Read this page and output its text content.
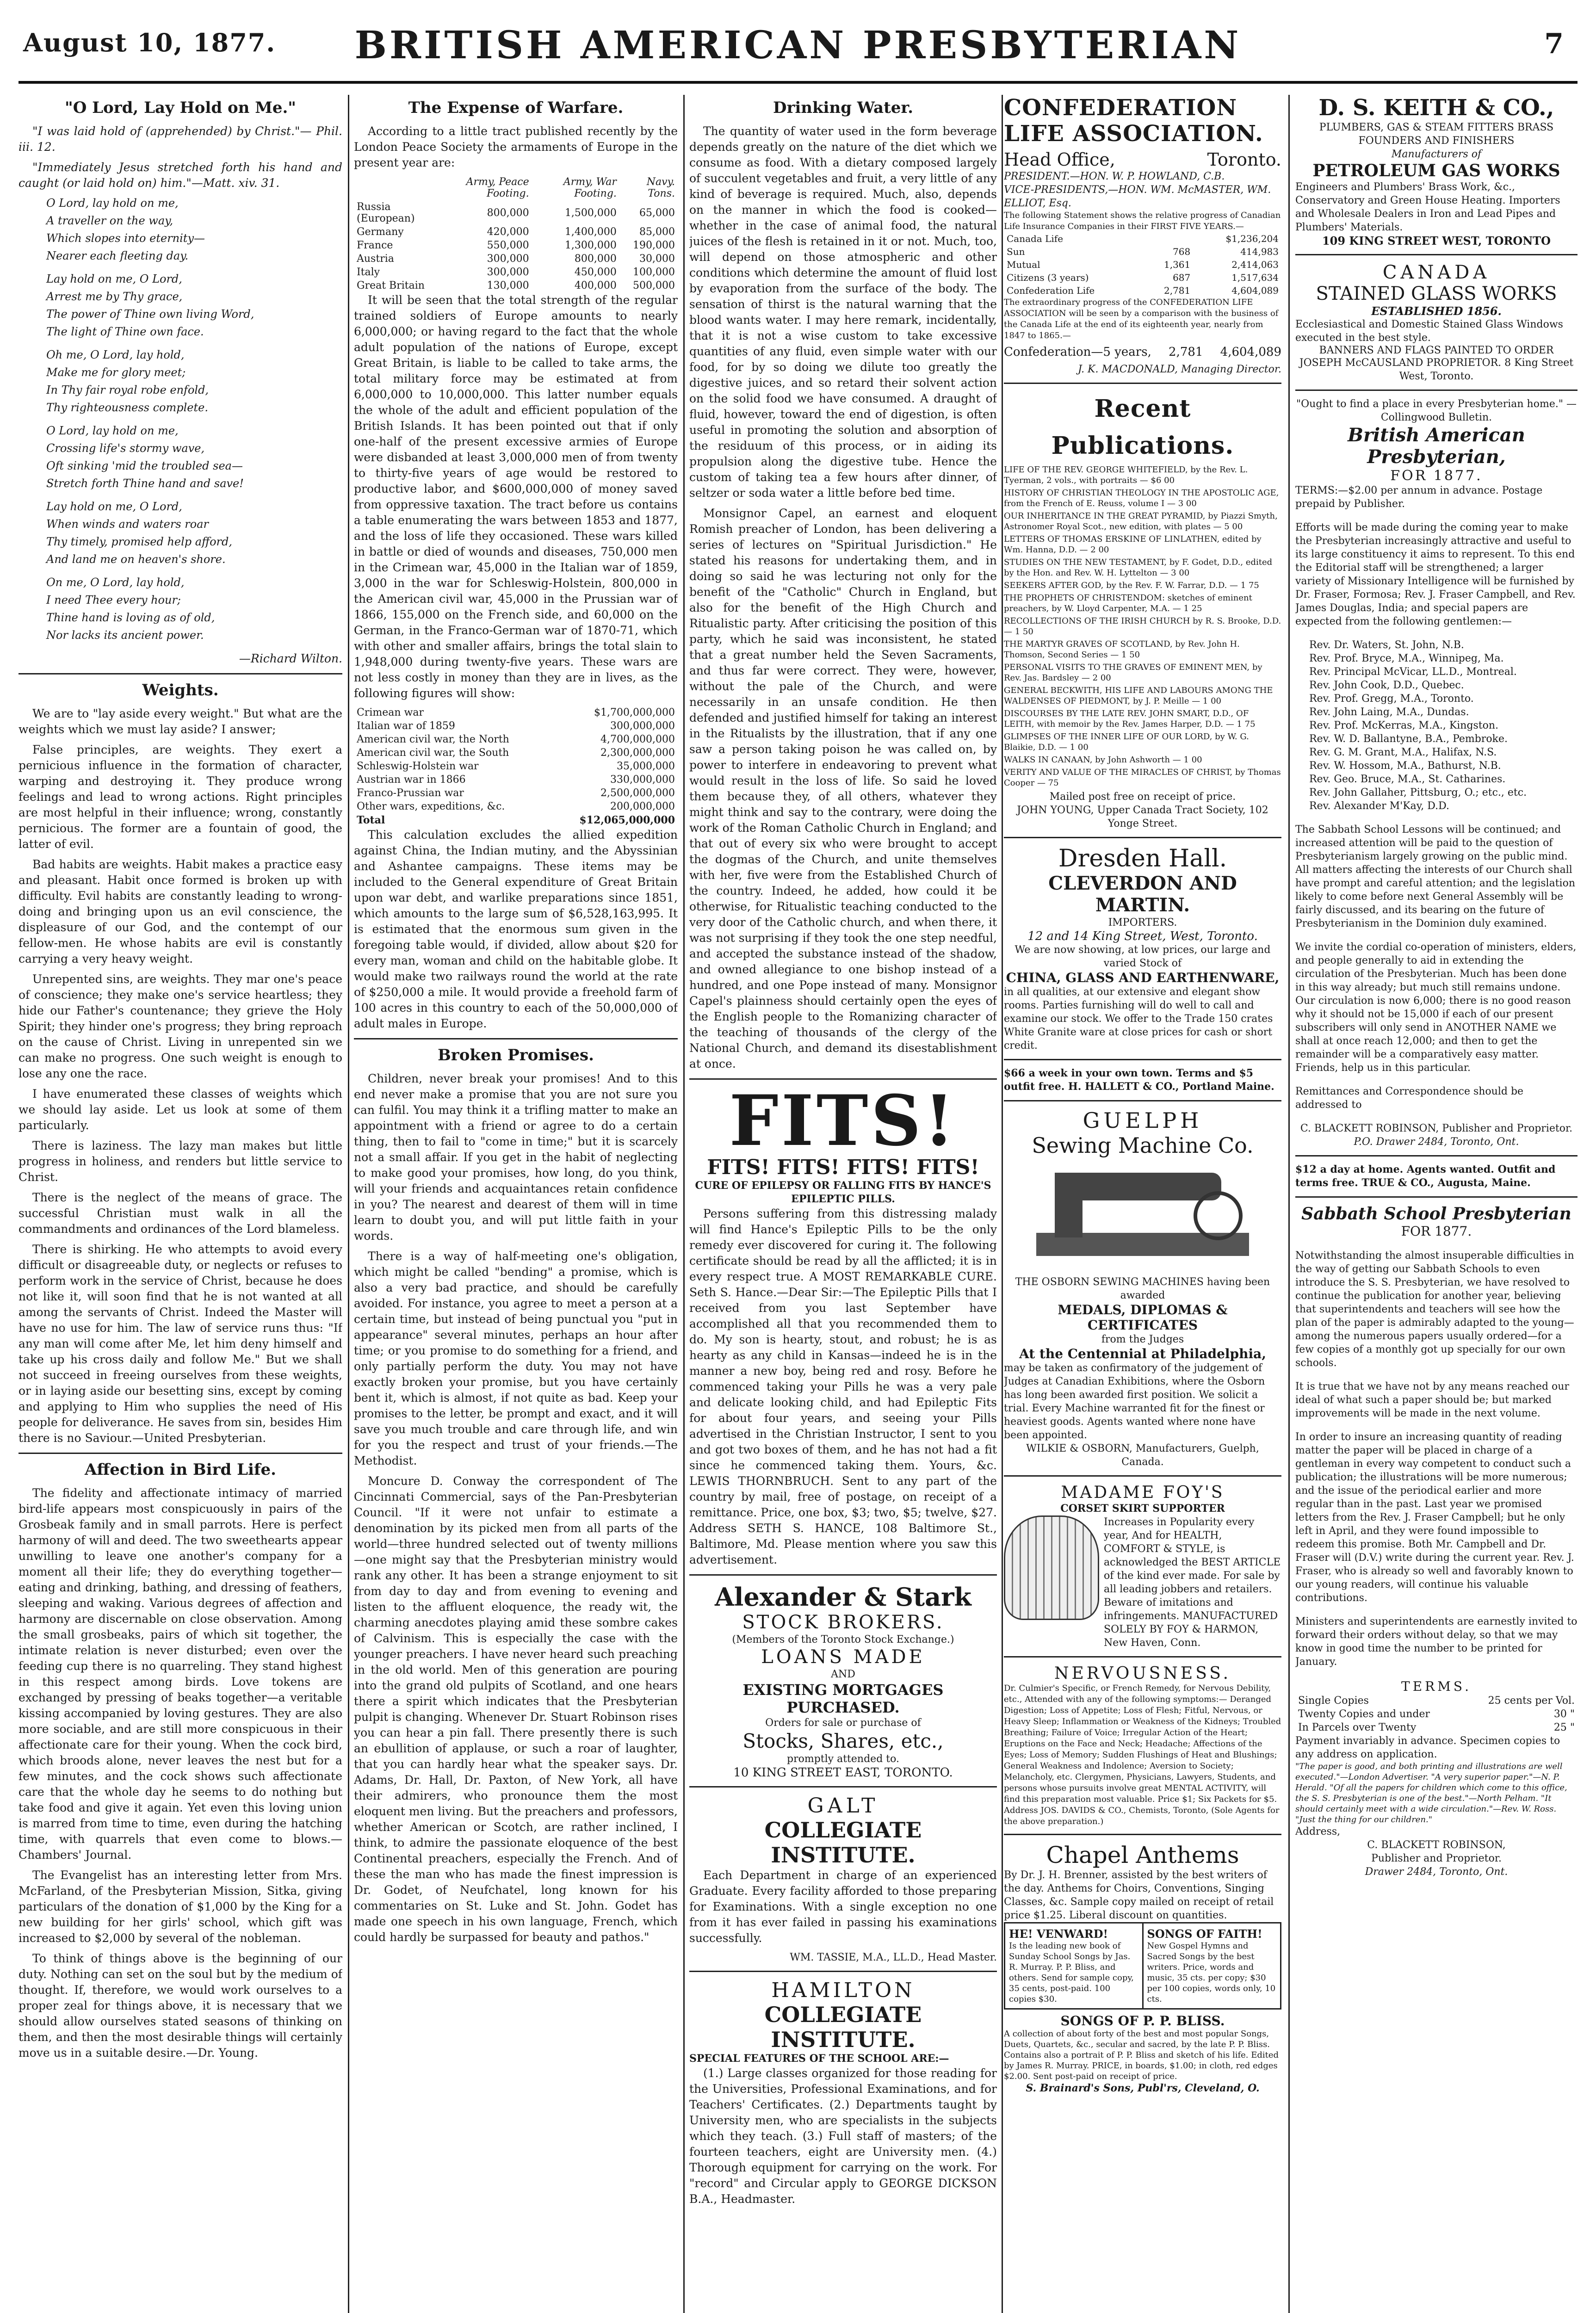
August 10, 1877.	BRITISH AMERICAN PRESBYTERIAN	7
"O Lord, Lay Hold on Me."

"I was laid hold of (apprehended) by Christ."— Phil. iii. 12.

"Immediately Jesus stretched forth his hand and caught (or laid hold on) him."—Matt. xiv. 31.

O Lord, lay hold on me,
A traveller on the way,
Which slopes into eternity—
Nearer each fleeting day.
Lay hold on me, O Lord,
Arrest me by Thy grace,
The power of Thine own living Word,
The light of Thine own face.
Oh me, O Lord, lay hold,
Make me for glory meet;
In Thy fair royal robe enfold,
Thy righteousness complete.
O Lord, lay hold on me,
Crossing life's stormy wave,
Oft sinking 'mid the troubled sea—
Stretch forth Thine hand and save!
Lay hold on me, O Lord,
When winds and waters roar
Thy timely, promised help afford,
And land me on heaven's shore.
On me, O Lord, lay hold,
I need Thee every hour;
Thine hand is loving as of old,
Nor lacks its ancient power.

—Richard Wilton.

Weights.

We are to "lay aside every weight." But what are the weights which we must lay aside? I answer;

False principles, are weights. They exert a pernicious influence in the formation of character, warping and destroying it. They produce wrong feelings and lead to wrong actions. Right principles are most helpful in their influence; wrong, constantly pernicious. The former are a fountain of good, the latter of evil.

Bad habits are weights. Habit makes a practice easy and pleasant. Habit once formed is broken up with difficulty. Evil habits are constantly leading to wrong-doing and bringing upon us an evil conscience, the displeasure of our God, and the contempt of our fellow-men. He whose habits are evil is constantly carrying a very heavy weight.

Unrepented sins, are weights. They mar one's peace of conscience; they make one's service heartless; they hide our Father's countenance; they grieve the Holy Spirit; they hinder one's progress; they bring reproach on the cause of Christ. Living in unrepented sin we can make no progress. One such weight is enough to lose any one the race.

I have enumerated these classes of weights which we should lay aside. Let us look at some of them particularly.

There is laziness. The lazy man makes but little progress in holiness, and renders but little service to Christ.

There is the neglect of the means of grace. The successful Christian must walk in all the commandments and ordinances of the Lord blameless.

There is shirking. He who attempts to avoid every difficult or disagreeable duty, or neglects or refuses to perform work in the service of Christ, because he does not like it, will soon find that he is not wanted at all among the servants of Christ. Indeed the Master will have no use for him. The law of service runs thus: "If any man will come after Me, let him deny himself and take up his cross daily and follow Me." But we shall not succeed in freeing ourselves from these weights, or in laying aside our besetting sins, except by coming and applying to Him who supplies the need of His people for deliverance. He saves from sin, besides Him there is no Saviour.—United Presbyterian.

Affection in Bird Life.

The fidelity and affectionate intimacy of married bird-life appears most conspicuously in pairs of the Grosbeak family and in small parrots. Here is perfect harmony of will and deed. The two sweethearts appear unwilling to leave one another's company for a moment all their life; they do everything together—eating and drinking, bathing, and dressing of feathers, sleeping and waking. Various degrees of affection and harmony are discernable on close observation. Among the small grosbeaks, pairs of which sit together, the intimate relation is never disturbed; even over the feeding cup there is no quarreling. They stand highest in this respect among birds. Love tokens are exchanged by pressing of beaks together—a veritable kissing accompanied by loving gestures. They are also more sociable, and are still more conspicuous in their affectionate care for their young. When the cock bird, which broods alone, never leaves the nest but for a few minutes, and the cock shows such affectionate care that the whole day he seems to do nothing but take food and give it again. Yet even this loving union is marred from time to time, even during the hatching time, with quarrels that even come to blows.—Chambers' Journal.

The Evangelist has an interesting letter from Mrs. McFarland, of the Presbyterian Mission, Sitka, giving particulars of the donation of $1,000 by the King for a new building for her girls' school, which gift was increased to $2,000 by several of the nobleman.

To think of things above is the beginning of our duty. Nothing can set on the soul but by the medium of thought. If, therefore, we would work ourselves to a proper zeal for things above, it is necessary that we should allow ourselves stated seasons of thinking on them, and then the most desirable things will certainly move us in a suitable desire.—Dr. Young.

The Expense of Warfare.

According to a little tract published recently by the London Peace Society the armaments of Europe in the present year are:

	Army, Peace Footing.	Army, War Footing.	Navy. Tons.
Russia (European)	800,000	1,500,000	65,000
Germany	420,000	1,400,000	85,000
France	550,000	1,300,000	190,000
Austria	300,000	800,000	30,000
Italy	300,000	450,000	100,000
Great Britain	130,000	400,000	500,000

It will be seen that the total strength of the regular trained soldiers of Europe amounts to nearly 6,000,000; or having regard to the fact that the whole adult population of the nations of Europe, except Great Britain, is liable to be called to take arms, the total military force may be estimated at from 6,000,000 to 10,000,000. This latter number equals the whole of the adult and efficient population of the British Islands. It has been pointed out that if only one-half of the present excessive armies of Europe were disbanded at least 3,000,000 men of from twenty to thirty-five years of age would be restored to productive labor, and $600,000,000 of money saved from oppressive taxation. The tract before us contains a table enumerating the wars between 1853 and 1877, and the loss of life they occasioned. These wars killed in battle or died of wounds and diseases, 750,000 men in the Crimean war, 45,000 in the Italian war of 1859, 3,000 in the war for Schleswig-Holstein, 800,000 in the American civil war, 45,000 in the Prussian war of 1866, 155,000 on the French side, and 60,000 on the German, in the Franco-German war of 1870-71, which with other and smaller affairs, brings the total slain to 1,948,000 during twenty-five years. These wars are not less costly in money than they are in lives, as the following figures will show:

Crimean war	$1,700,000,000
Italian war of 1859	300,000,000
American civil war, the North	4,700,000,000
American civil war, the South	2,300,000,000
Schleswig-Holstein war	35,000,000
Austrian war in 1866	330,000,000
Franco-Prussian war	2,500,000,000
Other wars, expeditions, &c.	200,000,000
Total	$12,065,000,000

This calculation excludes the allied expedition against China, the Indian mutiny, and the Abyssinian and Ashantee campaigns. These items may be included to the General expenditure of Great Britain upon war debt, and warlike preparations since 1851, which amounts to the large sum of $6,528,163,995. It is estimated that the enormous sum given in the foregoing table would, if divided, allow about $20 for every man, woman and child on the habitable globe. It would make two railways round the world at the rate of $250,000 a mile. It would provide a freehold farm of 100 acres in this country to each of the 50,000,000 of adult males in Europe.

Broken Promises.

Children, never break your promises! And to this end never make a promise that you are not sure you can fulfil. You may think it a trifling matter to make an appointment with a friend or agree to do a certain thing, then to fail to "come in time;" but it is scarcely not a small affair. If you get in the habit of neglecting to make good your promises, how long, do you think, will your friends and acquaintances retain confidence in you? The nearest and dearest of them will in time learn to doubt you, and will put little faith in your words.

There is a way of half-meeting one's obligation, which might be called "bending" a promise, which is also a very bad practice, and should be carefully avoided. For instance, you agree to meet a person at a certain time, but instead of being punctual you "put in appearance" several minutes, perhaps an hour after time; or you promise to do something for a friend, and only partially perform the duty. You may not have exactly broken your promise, but you have certainly bent it, which is almost, if not quite as bad. Keep your promises to the letter, be prompt and exact, and it will save you much trouble and care through life, and win for you the respect and trust of your friends.—The Methodist.

Moncure D. Conway the correspondent of The Cincinnati Commercial, says of the Pan-Presbyterian Council. "If it were not unfair to estimate a denomination by its picked men from all parts of the world—three hundred selected out of twenty millions—one might say that the Presbyterian ministry would rank any other. It has been a strange enjoyment to sit from day to day and from evening to evening and listen to the affluent eloquence, the ready wit, the charming anecdotes playing amid these sombre cakes of Calvinism. This is especially the case with the younger preachers. I have never heard such preaching in the old world. Men of this generation are pouring into the grand old pulpits of Scotland, and one hears there a spirit which indicates that the Presbyterian pulpit is changing. Whenever Dr. Stuart Robinson rises you can hear a pin fall. There presently there is such an ebullition of applause, or such a roar of laughter, that you can hardly hear what the speaker says. Dr. Adams, Dr. Hall, Dr. Paxton, of New York, all have their admirers, who pronounce them the most eloquent men living. But the preachers and professors, whether American or Scotch, are rather inclined, I think, to admire the passionate eloquence of the best Continental preachers, especially the French. And of these the man who has made the finest impression is Dr. Godet, of Neufchatel, long known for his commentaries on St. Luke and St. John. Godet has made one speech in his own language, French, which could hardly be surpassed for beauty and pathos."

Drinking Water.

The quantity of water used in the form beverage depends greatly on the nature of the diet which we consume as food. With a dietary composed largely of succulent vegetables and fruit, a very little of any kind of beverage is required. Much, also, depends on the manner in which the food is cooked—whether in the case of animal food, the natural juices of the flesh is retained in it or not. Much, too, will depend on those atmospheric and other conditions which determine the amount of fluid lost by evaporation from the surface of the body. The sensation of thirst is the natural warning that the blood wants water. I may here remark, incidentally, that it is not a wise custom to take excessive quantities of any fluid, even simple water with our food, for by so doing we dilute too greatly the digestive juices, and so retard their solvent action on the solid food we have consumed. A draught of fluid, however, toward the end of digestion, is often useful in promoting the solution and absorption of the residuum of this process, or in aiding its propulsion along the digestive tube. Hence the custom of taking tea a few hours after dinner, of seltzer or soda water a little before bed time.

Monsignor Capel, an earnest and eloquent Romish preacher of London, has been delivering a series of lectures on "Spiritual Jurisdiction." He stated his reasons for undertaking them, and in doing so said he was lecturing not only for the benefit of the "Catholic" Church in England, but also for the benefit of the High Church and Ritualistic party. After criticising the position of this party, which he said was inconsistent, he stated that a great number held the Seven Sacraments, and thus far were correct. They were, however, without the pale of the Church, and were necessarily in an unsafe condition. He then defended and justified himself for taking an interest in the Ritualists by the illustration, that if any one saw a person taking poison he was called on, by power to interfere in endeavoring to prevent what would result in the loss of life. So said he loved them because they, of all others, whatever they might think and say to the contrary, were doing the work of the Roman Catholic Church in England; and that out of every six who were brought to accept the dogmas of the Church, and unite themselves with her, five were from the Established Church of the country. Indeed, he added, how could it be otherwise, for Ritualistic teaching conducted to the very door of the Catholic church, and when there, it was not surprising if they took the one step needful, and accepted the substance instead of the shadow, and owned allegiance to one bishop instead of a hundred, and one Pope instead of many. Monsignor Capel's plainness should certainly open the eyes of the English people to the Romanizing character of the teaching of thousands of the clergy of the National Church, and demand its disestablishment at once.

FITS!
FITS! FITS! FITS! FITS!
CURE OF EPILEPSY OR FALLING FITS BY HANCE'S EPILEPTIC PILLS.

Persons suffering from this distressing malady will find Hance's Epileptic Pills to be the only remedy ever discovered for curing it. The following certificate should be read by all the afflicted; it is in every respect true. A MOST REMARKABLE CURE. Seth S. Hance.—Dear Sir:—The Epileptic Pills that I received from you last September have accomplished all that you recommended them to do. My son is hearty, stout, and robust; he is as hearty as any child in Kansas—indeed he is in the manner a new boy, being red and rosy. Before he commenced taking your Pills he was a very pale and delicate looking child, and had Epileptic Fits for about four years, and seeing your Pills advertised in the Christian Instructor, I sent to you and got two boxes of them, and he has not had a fit since he commenced taking them. Yours, &c. LEWIS THORNBRUCH. Sent to any part of the country by mail, free of postage, on receipt of a remittance. Price, one box, $3; two, $5; twelve, $27. Address SETH S. HANCE, 108 Baltimore St., Baltimore, Md. Please mention where you saw this advertisement.

Alexander & Stark
STOCK BROKERS.
(Members of the Toronto Stock Exchange.)
LOANS MADE
AND
EXISTING MORTGAGES PURCHASED.
Orders for sale or purchase of
Stocks, Shares, etc.,
promptly attended to.
10 KING STREET EAST, TORONTO.
GALT
COLLEGIATE INSTITUTE.

Each Department in charge of an experienced Graduate. Every facility afforded to those preparing for Examinations. With a single exception no one from it has ever failed in passing his examinations successfully.

WM. TASSIE, M.A., LL.D., Head Master.
HAMILTON
COLLEGIATE INSTITUTE.
SPECIAL FEATURES OF THE SCHOOL ARE:—

(1.) Large classes organized for those reading for the Universities, Professional Examinations, and for Teachers' Certificates. (2.) Departments taught by University men, who are specialists in the subjects which they teach. (3.) Full staff of masters; of the fourteen teachers, eight are University men. (4.) Thorough equipment for carrying on the work. For "record" and Circular apply to GEORGE DICKSON B.A., Headmaster.

CONFEDERATION LIFE ASSOCIATION.
Head Office,	Toronto.
PRESIDENT.—HON. W. P. HOWLAND, C.B.
VICE-PRESIDENTS,—HON. WM. McMASTER, WM. ELLIOT, Esq.
The following Statement shows the relative progress of Canadian Life Insurance Companies in their FIRST FIVE YEARS.—
Canada Life		$1,236,204
Sun	768	414,983
Mutual	1,361	2,414,063
Citizens (3 years)	687	1,517,634
Confederation Life	2,781	4,604,089
The extraordinary progress of the CONFEDERATION LIFE ASSOCIATION will be seen by a comparison with the business of the Canada Life at the end of its eighteenth year, nearly from 1847 to 1865.—
Confederation—5 years, 2,781 4,604,089
J. K. MACDONALD, Managing Director.
Recent Publications.
LIFE OF THE REV. GEORGE WHITEFIELD, by the Rev. L. Tyerman, 2 vols., with portraits — $6 00
HISTORY OF CHRISTIAN THEOLOGY IN THE APOSTOLIC AGE, from the French of E. Reuss, volume I — 3 00
OUR INHERITANCE IN THE GREAT PYRAMID, by Piazzi Smyth, Astronomer Royal Scot., new edition, with plates — 5 00
LETTERS OF THOMAS ERSKINE OF LINLATHEN, edited by Wm. Hanna, D.D. — 2 00
STUDIES ON THE NEW TESTAMENT, by F. Godet, D.D., edited by the Hon. and Rev. W. H. Lyttelton — 3 00
SEEKERS AFTER GOD, by the Rev. F. W. Farrar, D.D. — 1 75
THE PROPHETS OF CHRISTENDOM: sketches of eminent preachers, by W. Lloyd Carpenter, M.A. — 1 25
RECOLLECTIONS OF THE IRISH CHURCH by R. S. Brooke, D.D. — 1 50
THE MARTYR GRAVES OF SCOTLAND, by Rev. John H. Thomson, Second Series — 1 50
PERSONAL VISITS TO THE GRAVES OF EMINENT MEN, by Rev. Jas. Bardsley — 2 00
GENERAL BECKWITH, HIS LIFE AND LABOURS AMONG THE WALDENSES OF PIEDMONT, by J. P. Meille — 1 00
DISCOURSES BY THE LATE REV. JOHN SMART, D.D., OF LEITH, with memoir by the Rev. James Harper, D.D. — 1 75
GLIMPSES OF THE INNER LIFE OF OUR LORD, by W. G. Blaikie, D.D. — 1 00
WALKS IN CANAAN, by John Ashworth — 1 00
VERITY AND VALUE OF THE MIRACLES OF CHRIST, by Thomas Cooper — 75
Mailed post free on receipt of price.
JOHN YOUNG, Upper Canada Tract Society, 102 Yonge Street.
Dresden Hall.
CLEVERDON AND MARTIN.
IMPORTERS.
12 and 14 King Street, West, Toronto.
We are now showing, at low prices, our large and varied Stock of
CHINA, GLASS AND EARTHENWARE,
in all qualities, at our extensive and elegant show rooms. Parties furnishing will do well to call and examine our stock. We offer to the Trade 150 crates White Granite ware at close prices for cash or short credit.
$66 a week in your own town. Terms and $5 outfit free. H. HALLETT & CO., Portland Maine.
GUELPH
Sewing Machine Co.
THE OSBORN SEWING MACHINES having been awarded
MEDALS, DIPLOMAS & CERTIFICATES
from the Judges
At the Centennial at Philadelphia,
may be taken as confirmatory of the judgement of Judges at Canadian Exhibitions, where the Osborn has long been awarded first position. We solicit a trial. Every Machine warranted fit for the finest or heaviest goods. Agents wanted where none have been appointed.
WILKIE & OSBORN, Manufacturers, Guelph, Canada.
MADAME FOY'S
CORSET SKIRT SUPPORTER
Increases in Popularity every year, And for HEALTH, COMFORT & STYLE, is acknowledged the BEST ARTICLE of the kind ever made. For sale by all leading jobbers and retailers. Beware of imitations and infringements. MANUFACTURED SOLELY BY FOY & HARMON, New Haven, Conn.
NERVOUSNESS.
Dr. Culmier's Specific, or French Remedy, for Nervous Debility, etc., Attended with any of the following symptoms:— Deranged Digestion; Loss of Appetite; Loss of Flesh; Fitful, Nervous, or Heavy Sleep; Inflammation or Weakness of the Kidneys; Troubled Breathing; Failure of Voice; Irregular Action of the Heart; Eruptions on the Face and Neck; Headache; Affections of the Eyes; Loss of Memory; Sudden Flushings of Heat and Blushings; General Weakness and Indolence; Aversion to Society; Melancholy, etc. Clergymen, Physicians, Lawyers, Students, and persons whose pursuits involve great MENTAL ACTIVITY, will find this preparation most valuable. Price $1; Six Packets for $5. Address JOS. DAVIDS & CO., Chemists, Toronto, (Sole Agents for the above preparation.)
Chapel Anthems
By Dr. J. H. Brenner, assisted by the best writers of the day. Anthems for Choirs, Conventions, Singing Classes, &c. Sample copy mailed on receipt of retail price $1.25. Liberal discount on quantities.
HE! VENWARD!
Is the leading new book of Sunday School Songs by Jas. R. Murray. P. P. Bliss, and others. Send for sample copy, 35 cents, post-paid. 100 copies $30.
SONGS OF FAITH!
New Gospel Hymns and Sacred Songs by the best writers. Price, words and music, 35 cts. per copy; $30 per 100 copies, words only, 10 cts.
SONGS OF P. P. BLISS.
A collection of about forty of the best and most popular Songs, Duets, Quartets, &c., secular and sacred, by the late P. P. Bliss. Contains also a portrait of P. P. Bliss and sketch of his life. Edited by James R. Murray. PRICE, in boards, $1.00; in cloth, red edges $2.00. Sent post-paid on receipt of price.
S. Brainard's Sons, Publ'rs, Cleveland, O.
D. S. KEITH & CO.,
PLUMBERS, GAS & STEAM FITTERS BRASS FOUNDERS AND FINISHERS
Manufacturers of
PETROLEUM GAS WORKS
Engineers and Plumbers' Brass Work, &c., Conservatory and Green House Heating. Importers and Wholesale Dealers in Iron and Lead Pipes and Plumbers' Materials.
109 KING STREET WEST, TORONTO
CANADA
STAINED GLASS WORKS
ESTABLISHED 1856.
Ecclesiastical and Domestic Stained Glass Windows executed in the best style.
BANNERS AND FLAGS PAINTED TO ORDER
JOSEPH McCAUSLAND PROPRIETOR. 8 King Street West, Toronto.
"Ought to find a place in every Presbyterian home." —Collingwood Bulletin.
British American Presbyterian,
FOR 1877.
TERMS:—$2.00 per annum in advance. Postage prepaid by Publisher.

Efforts will be made during the coming year to make the Presbyterian increasingly attractive and useful to its large constituency it aims to represent. To this end the Editorial staff will be strengthened; a larger variety of Missionary Intelligence will be furnished by Dr. Fraser, Formosa; Rev. J. Fraser Campbell, and Rev. James Douglas, India; and special papers are expected from the following gentlemen:—

Rev. Dr. Waters, St. John, N.B.
Rev. Prof. Bryce, M.A., Winnipeg, Ma.
Rev. Principal McVicar, LL.D., Montreal.
Rev. John Cook, D.D., Quebec.
Rev. Prof. Gregg, M.A., Toronto.
Rev. John Laing, M.A., Dundas.
Rev. Prof. McKerras, M.A., Kingston.
Rev. W. D. Ballantyne, B.A., Pembroke.
Rev. G. M. Grant, M.A., Halifax, N.S.
Rev. W. Hossom, M.A., Bathurst, N.B.
Rev. Geo. Bruce, M.A., St. Catharines.
Rev. John Gallaher, Pittsburg, O.; etc., etc.
Rev. Alexander M'Kay, D.D.

The Sabbath School Lessons will be continued; and increased attention will be paid to the question of Presbyterianism largely growing on the public mind. All matters affecting the interests of our Church shall have prompt and careful attention; and the legislation likely to come before next General Assembly will be fairly discussed, and its bearing on the future of Presbyterianism in the Dominion duly examined.

We invite the cordial co-operation of ministers, elders, and people generally to aid in extending the circulation of the Presbyterian. Much has been done in this way already; but much still remains undone. Our circulation is now 6,000; there is no good reason why it should not be 15,000 if each of our present subscribers will only send in ANOTHER NAME we shall at once reach 12,000; and then to get the remainder will be a comparatively easy matter. Friends, help us in this particular.

Remittances and Correspondence should be addressed to

C. BLACKETT ROBINSON, Publisher and Proprietor.
P.O. Drawer 2484, Toronto, Ont.
$12 a day at home. Agents wanted. Outfit and terms free. TRUE & CO., Augusta, Maine.
Sabbath School Presbyterian
FOR 1877.

Notwithstanding the almost insuperable difficulties in the way of getting our Sabbath Schools to even introduce the S. S. Presbyterian, we have resolved to continue the publication for another year, believing that superintendents and teachers will see how the plan of the paper is admirably adapted to the young—among the numerous papers usually ordered—for a few copies of a monthly got up specially for our own schools.

It is true that we have not by any means reached our ideal of what such a paper should be; but marked improvements will be made in the next volume.

In order to insure an increasing quantity of reading matter the paper will be placed in charge of a gentleman in every way competent to conduct such a publication; the illustrations will be more numerous; and the issue of the periodical earlier and more regular than in the past. Last year we promised letters from the Rev. J. Fraser Campbell; but he only left in April, and they were found impossible to redeem this promise. Both Mr. Campbell and Dr. Fraser will (D.V.) write during the current year. Rev. J. Fraser, who is already so well and favorably known to our young readers, will continue his valuable contributions.

Ministers and superintendents are earnestly invited to forward their orders without delay, so that we may know in good time the number to be printed for January.

TERMS.
Single Copies	25 cents per Vol.
Twenty Copies and under	30 "
In Parcels over Twenty	25 "
Payment invariably in advance. Specimen copies to any address on application.
"The paper is good, and both printing and illustrations are well executed."—London Advertiser. "A very superior paper."—N. P. Herald. "Of all the papers for children which come to this office, the S. S. Presbyterian is one of the best."—North Pelham. "It should certainly meet with a wide circulation."—Rev. W. Ross. "Just the thing for our children."
Address,
C. BLACKETT ROBINSON,
Publisher and Proprietor.
Drawer 2484, Toronto, Ont.
